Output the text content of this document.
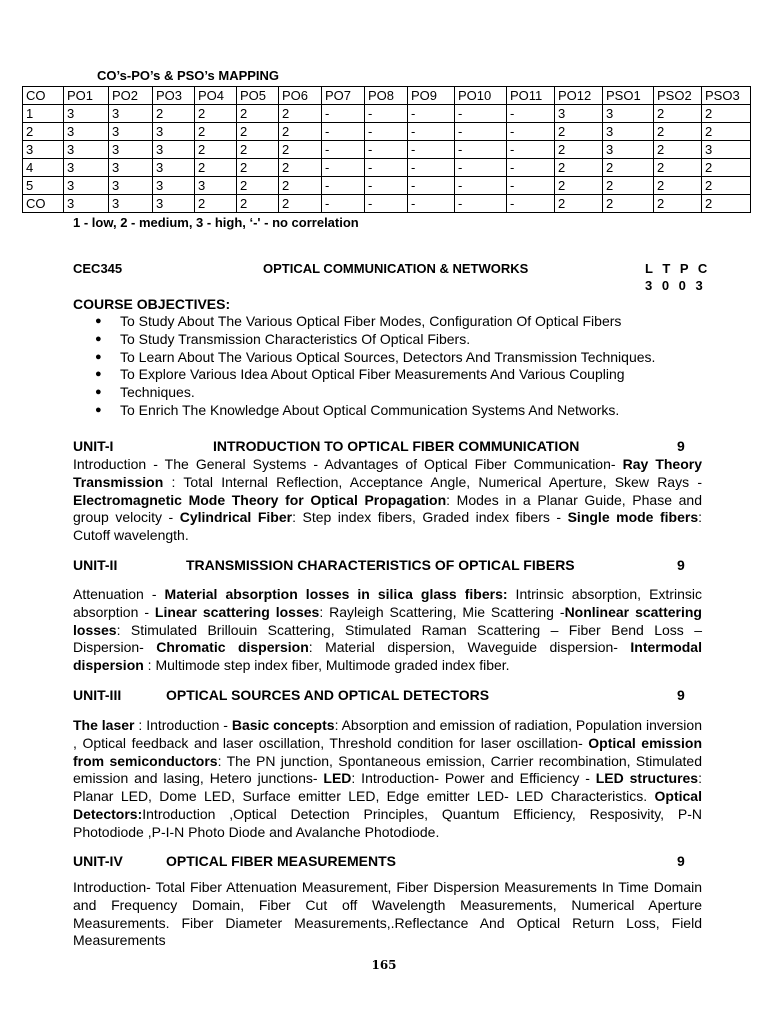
CO’s-PO’s & PSO’s MAPPING
CO	PO1	PO2	PO3	PO4	PO5	PO6	PO7	PO8	PO9	PO10	PO11	PO12	PSO1	PSO2	PSO3
1	3	3	2	2	2	2	-	-	-	-	-	3	3	2	2
2	3	3	3	2	2	2	-	-	-	-	-	2	3	2	2
3	3	3	3	2	2	2	-	-	-	-	-	2	3	2	3
4	3	3	3	2	2	2	-	-	-	-	-	2	2	2	2
5	3	3	3	3	2	2	-	-	-	-	-	2	2	2	2
CO	3	3	3	2	2	2	-	-	-	-	-	2	2	2	2
1 - low, 2 - medium, 3 - high, ‘-' - no correlation
CEC345	OPTICAL COMMUNICATION & NETWORKS	L T P C
3 0 0 3
COURSE OBJECTIVES:
● To Study About The Various Optical Fiber Modes, Configuration Of Optical Fibers
● To Study Transmission Characteristics Of Optical Fibers.
● To Learn About The Various Optical Sources, Detectors And Transmission Techniques.
● To Explore Various Idea About Optical Fiber Measurements And Various Coupling
● Techniques.
● To Enrich The Knowledge About Optical Communication Systems And Networks.
UNIT-I	INTRODUCTION TO OPTICAL FIBER COMMUNICATION	9
Introduction - The General Systems - Advantages of Optical Fiber Communication- Ray Theory Transmission : Total Internal Reflection, Acceptance Angle, Numerical Aperture, Skew Rays - Electromagnetic Mode Theory for Optical Propagation: Modes in a Planar Guide, Phase and group velocity - Cylindrical Fiber: Step index fibers, Graded index fibers - Single mode fibers: Cutoff wavelength.
UNIT-II	TRANSMISSION CHARACTERISTICS OF OPTICAL FIBERS	9
Attenuation - Material absorption losses in silica glass fibers: Intrinsic absorption, Extrinsic absorption - Linear scattering losses: Rayleigh Scattering, Mie Scattering -Nonlinear scattering losses: Stimulated Brillouin Scattering, Stimulated Raman Scattering – Fiber Bend Loss – Dispersion- Chromatic dispersion: Material dispersion, Waveguide dispersion- Intermodal dispersion : Multimode step index fiber, Multimode graded index fiber.
UNIT-III	OPTICAL SOURCES AND OPTICAL DETECTORS	9
The laser : Introduction - Basic concepts: Absorption and emission of radiation, Population inversion , Optical feedback and laser oscillation, Threshold condition for laser oscillation- Optical emission from semiconductors: The PN junction, Spontaneous emission, Carrier recombination, Stimulated emission and lasing, Hetero junctions- LED: Introduction- Power and Efficiency - LED structures: Planar LED, Dome LED, Surface emitter LED, Edge emitter LED- LED Characteristics. Optical Detectors:Introduction ,Optical Detection Principles, Quantum Efficiency, Resposivity, P-N Photodiode ,P-I-N Photo Diode and Avalanche Photodiode.
UNIT-IV	OPTICAL FIBER MEASUREMENTS	9
Introduction- Total Fiber Attenuation Measurement, Fiber Dispersion Measurements In Time Domain and Frequency Domain, Fiber Cut off Wavelength Measurements, Numerical Aperture Measurements. Fiber Diameter Measurements,.Reflectance And Optical Return Loss, Field Measurements
165
